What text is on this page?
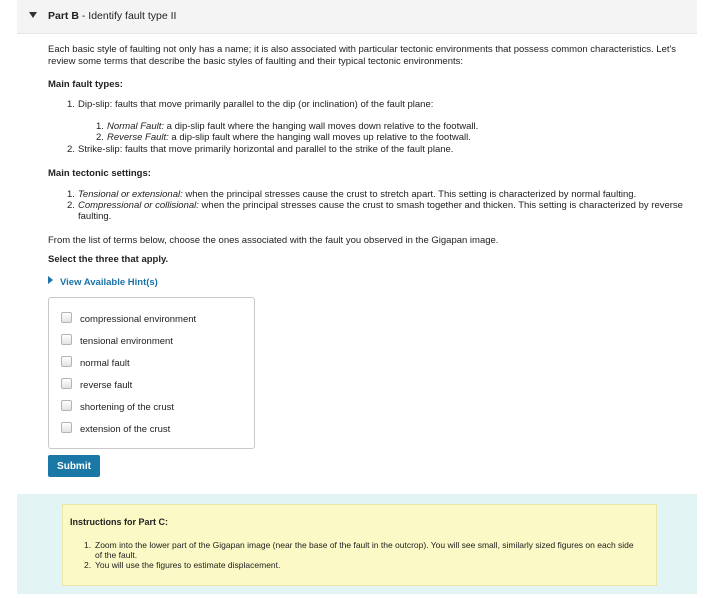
Part B - Identify fault type II

Each basic style of faulting not only has a name; it is also associated with particular tectonic environments that possess common characteristics. Let's review some terms that describe the basic styles of faulting and their typical tectonic environments:

Main fault types:
1. Dip-slip: faults that move primarily parallel to the dip (or inclination) of the fault plane:
1. Normal Fault: a dip-slip fault where the hanging wall moves down relative to the footwall.
2. Reverse Fault: a dip-slip fault where the hanging wall moves up relative to the footwall.
2. Strike-slip: faults that move primarily horizontal and parallel to the strike of the fault plane.
Main tectonic settings:
1. Tensional or extensional: when the principal stresses cause the crust to stretch apart. This setting is characterized by normal faulting.
2. Compressional or collisional: when the principal stresses cause the crust to smash together and thicken. This setting is characterized by reverse faulting.

From the list of terms below, choose the ones associated with the fault you observed in the Gigapan image.

Select the three that apply.

View Available Hint(s)
compressional environment
tensional environment
normal fault
reverse fault
shortening of the crust
extension of the crust
Submit
Instructions for Part C:
1. Zoom into the lower part of the Gigapan image (near the base of the fault in the outcrop). You will see small, similarly sized figures on each side of the fault.
2. You will use the figures to estimate displacement.
